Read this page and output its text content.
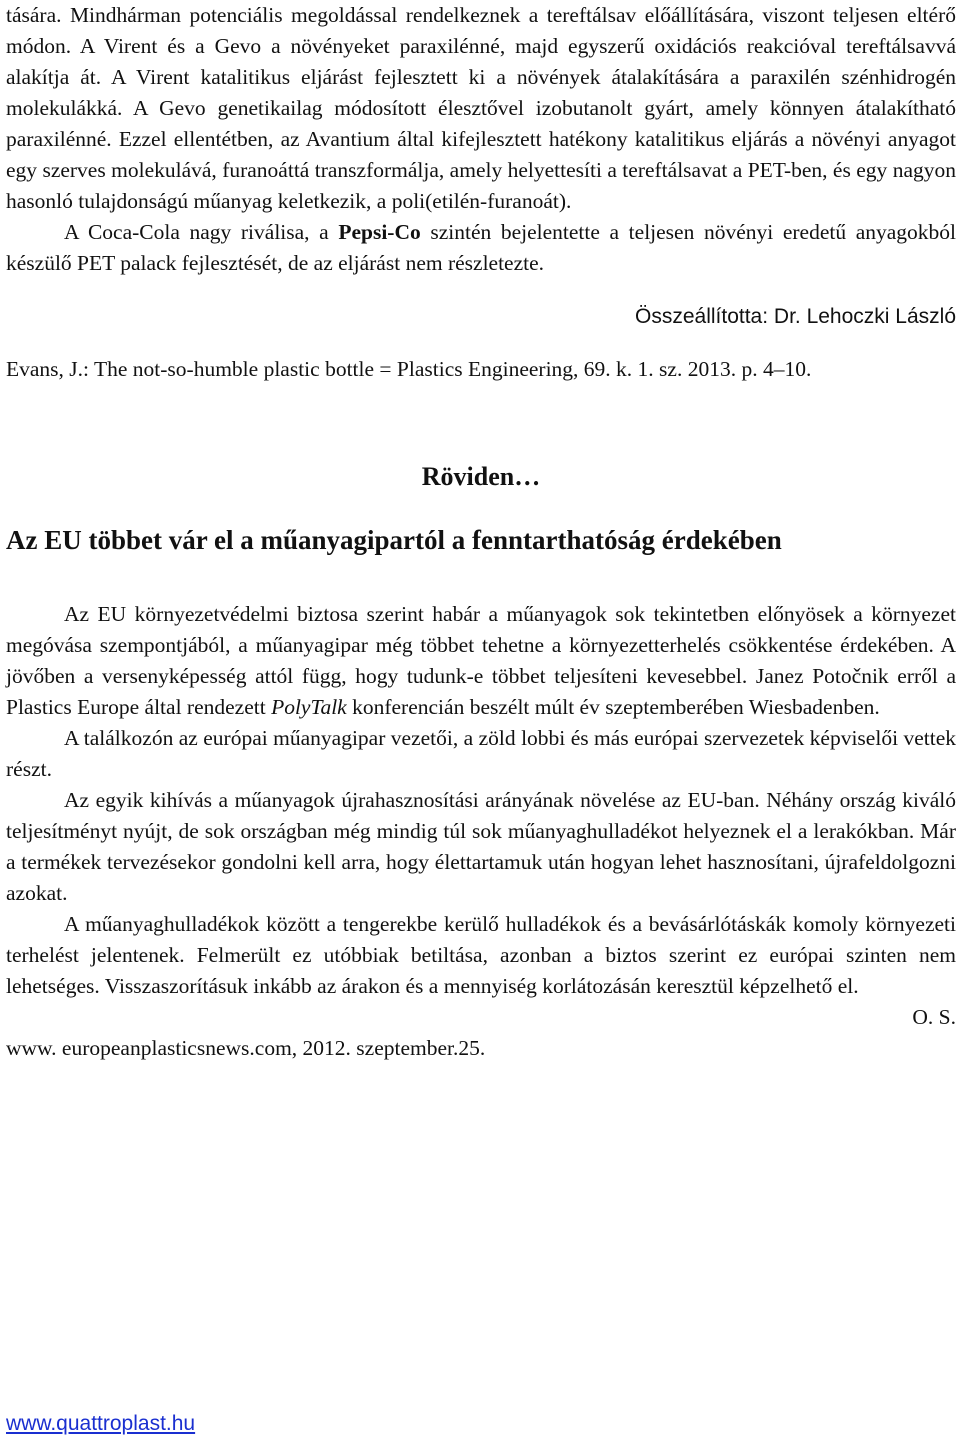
tására. Mindhárman potenciális megoldással rendelkeznek a tereftálsav előállítására, viszont teljesen eltérő módon. A Virent és a Gevo a növényeket paraxilénné, majd egyszerű oxidációs reakcióval tereftálsavvá alakítja át. A Virent katalitikus eljárást fejlesztett ki a növények átalakítására a paraxilén szénhidrogén molekulákká. A Gevo genetikailag módosított élesztővel izobutanolt gyárt, amely könnyen átalakítható paraxilénné. Ezzel ellentétben, az Avantium által kifejlesztett hatékony katalitikus eljárás a növényi anyagot egy szerves molekulává, furanoáttá transzformálja, amely helyettesíti a tereftálsavat a PET-ben, és egy nagyon hasonló tulajdonságú műanyag keletkezik, a poli(etilén-furanoát).

A Coca-Cola nagy riválisa, a Pepsi-Co szintén bejelentette a teljesen növényi eredetű anyagokból készülő PET palack fejlesztését, de az eljárást nem részletezte.

Összeállította: Dr. Lehoczki László

Evans, J.: The not-so-humble plastic bottle = Plastics Engineering, 69. k. 1. sz. 2013. p. 4–10.

Röviden…
Az EU többet vár el a műanyagipartól a fenntarthatóság érdekében

Az EU környezetvédelmi biztosa szerint habár a műanyagok sok tekintetben előnyösek a környezet megóvása szempontjából, a műanyagipar még többet tehetne a környezetterhelés csökkentése érdekében. A jövőben a versenyképesség attól függ, hogy tudunk-e többet teljesíteni kevesebbel. Janez Potočnik erről a Plastics Europe által rendezett PolyTalk konferencián beszélt múlt év szeptemberében Wiesbadenben.

A találkozón az európai műanyagipar vezetői, a zöld lobbi és más európai szervezetek képviselői vettek részt.

Az egyik kihívás a műanyagok újrahasznosítási arányának növelése az EU-ban. Néhány ország kiváló teljesítményt nyújt, de sok országban még mindig túl sok műanyaghulladékot helyeznek el a lerakókban. Már a termékek tervezésekor gondolni kell arra, hogy élettartamuk után hogyan lehet hasznosítani, újrafeldolgozni azokat.

A műanyaghulladékok között a tengerekbe kerülő hulladékok és a bevásárlótáskák komoly környezeti terhelést jelentenek. Felmerült ez utóbbiak betiltása, azonban a biztos szerint ez európai szinten nem lehetséges. Visszaszorításuk inkább az árakon és a mennyiség korlátozásán keresztül képzelhető el.

O. S.

www. europeanplasticsnews.com, 2012. szeptember.25.

www.quattroplast.hu
